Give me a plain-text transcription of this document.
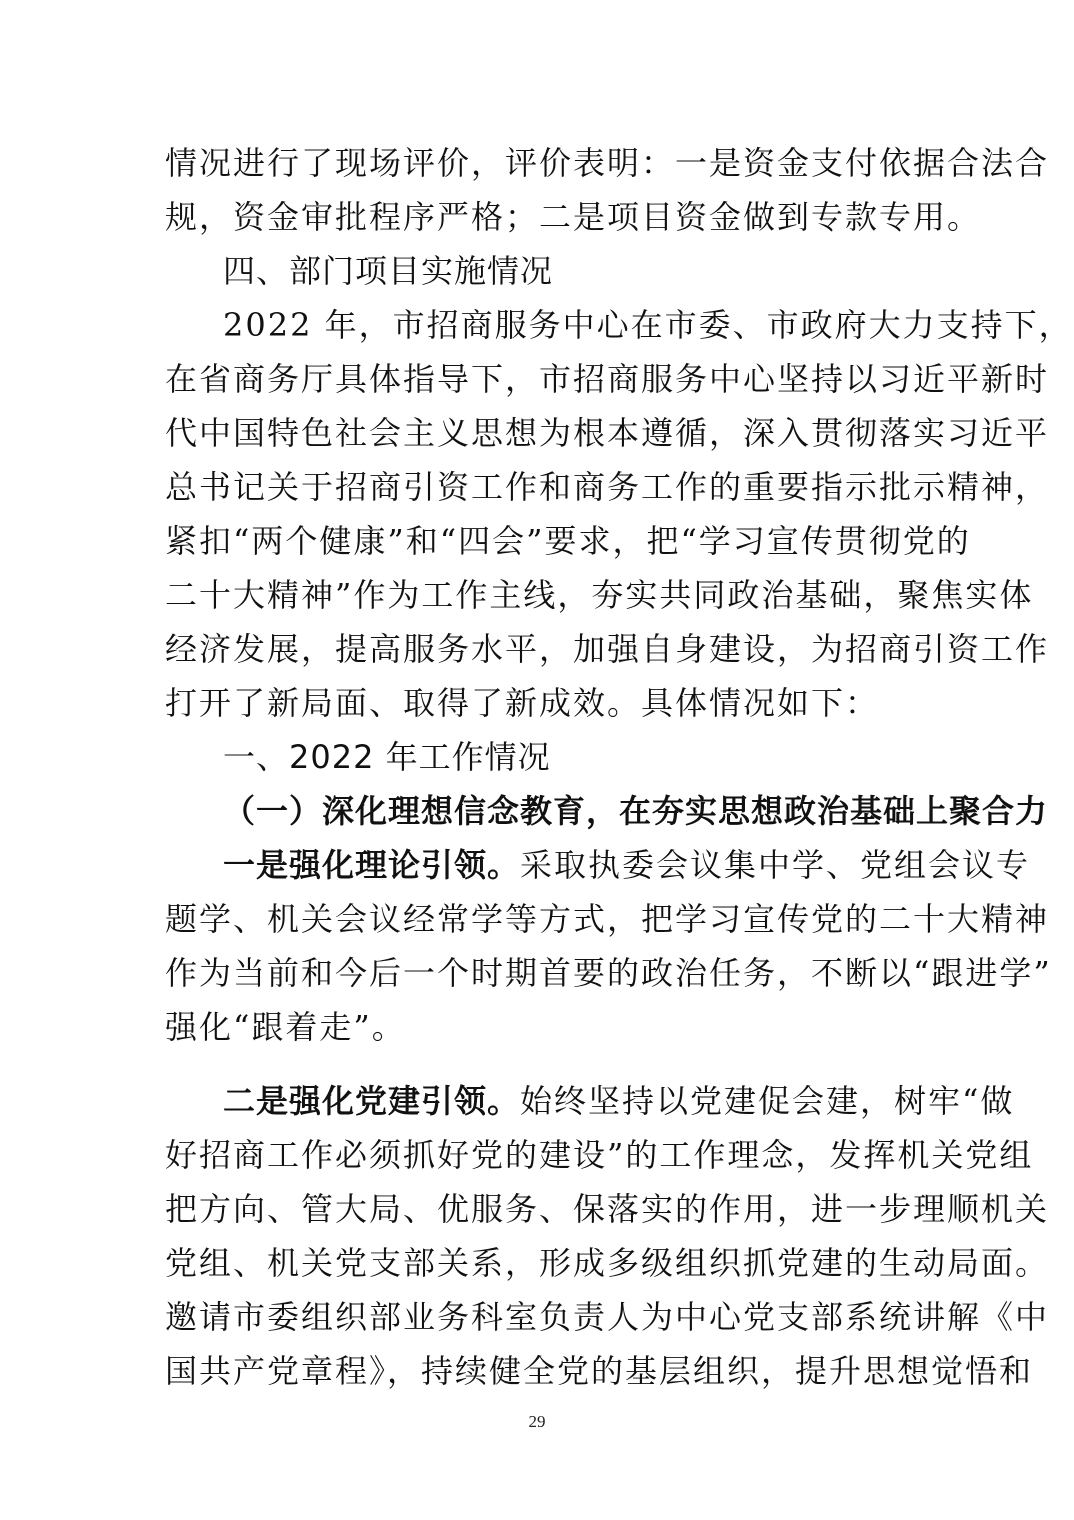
情况进行了现场评价，评价表明：一是资金支付依据合法合
规，资金审批程序严格；二是项目资金做到专款专用。
四、部门项目实施情况
2022 年，市招商服务中心在市委、市政府大力支持下，
在省商务厅具体指导下，市招商服务中心坚持以习近平新时
代中国特色社会主义思想为根本遵循，深入贯彻落实习近平
总书记关于招商引资工作和商务工作的重要指示批示精神，
紧扣“两个健康”和“四会”要求，把“学习宣传贯彻党的
二十大精神”作为工作主线，夯实共同政治基础，聚焦实体
经济发展，提高服务水平，加强自身建设，为招商引资工作
打开了新局面、取得了新成效。具体情况如下：
一、2022 年工作情况
（一）深化理想信念教育，在夯实思想政治基础上聚合力
一是强化理论引领。采取执委会议集中学、党组会议专
题学、机关会议经常学等方式，把学习宣传党的二十大精神
作为当前和今后一个时期首要的政治任务，不断以“跟进学”
强化“跟着走”。
二是强化党建引领。始终坚持以党建促会建，树牢“做
好招商工作必须抓好党的建设”的工作理念，发挥机关党组
把方向、管大局、优服务、保落实的作用，进一步理顺机关
党组、机关党支部关系，形成多级组织抓党建的生动局面。
邀请市委组织部业务科室负责人为中心党支部系统讲解《中
国共产党章程》，持续健全党的基层组织，提升思想觉悟和
29
